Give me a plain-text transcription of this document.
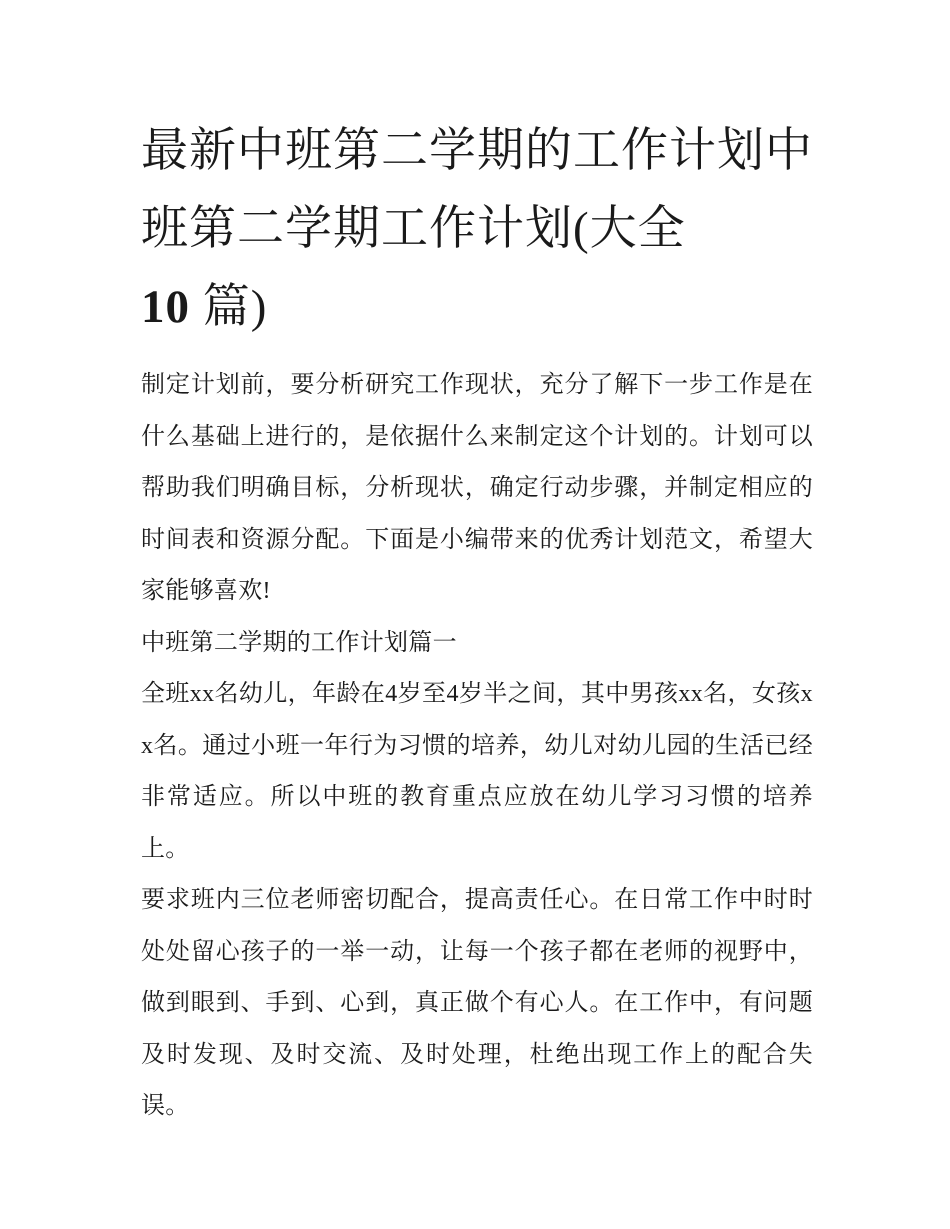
最新中班第二学期的工作计划中班第二学期工作计划(大全
10 篇)

制定计划前，要分析研究工作现状，充分了解下一步工作是在什么基础上进行的，是依据什么来制定这个计划的。计划可以帮助我们明确目标，分析现状，确定行动步骤，并制定相应的时间表和资源分配。下面是小编带来的优秀计划范文，希望大家能够喜欢!

中班第二学期的工作计划篇一

全班xx名幼儿，年龄在4岁至4岁半之间，其中男孩xx名，女孩xx名。通过小班一年行为习惯的培养，幼儿对幼儿园的生活已经非常适应。所以中班的教育重点应放在幼儿学习习惯的培养上。

要求班内三位老师密切配合，提高责任心。在日常工作中时时处处留心孩子的一举一动，让每一个孩子都在老师的视野中，做到眼到、手到、心到，真正做个有心人。在工作中，有问题及时发现、及时交流、及时处理，杜绝出现工作上的配合失误。
